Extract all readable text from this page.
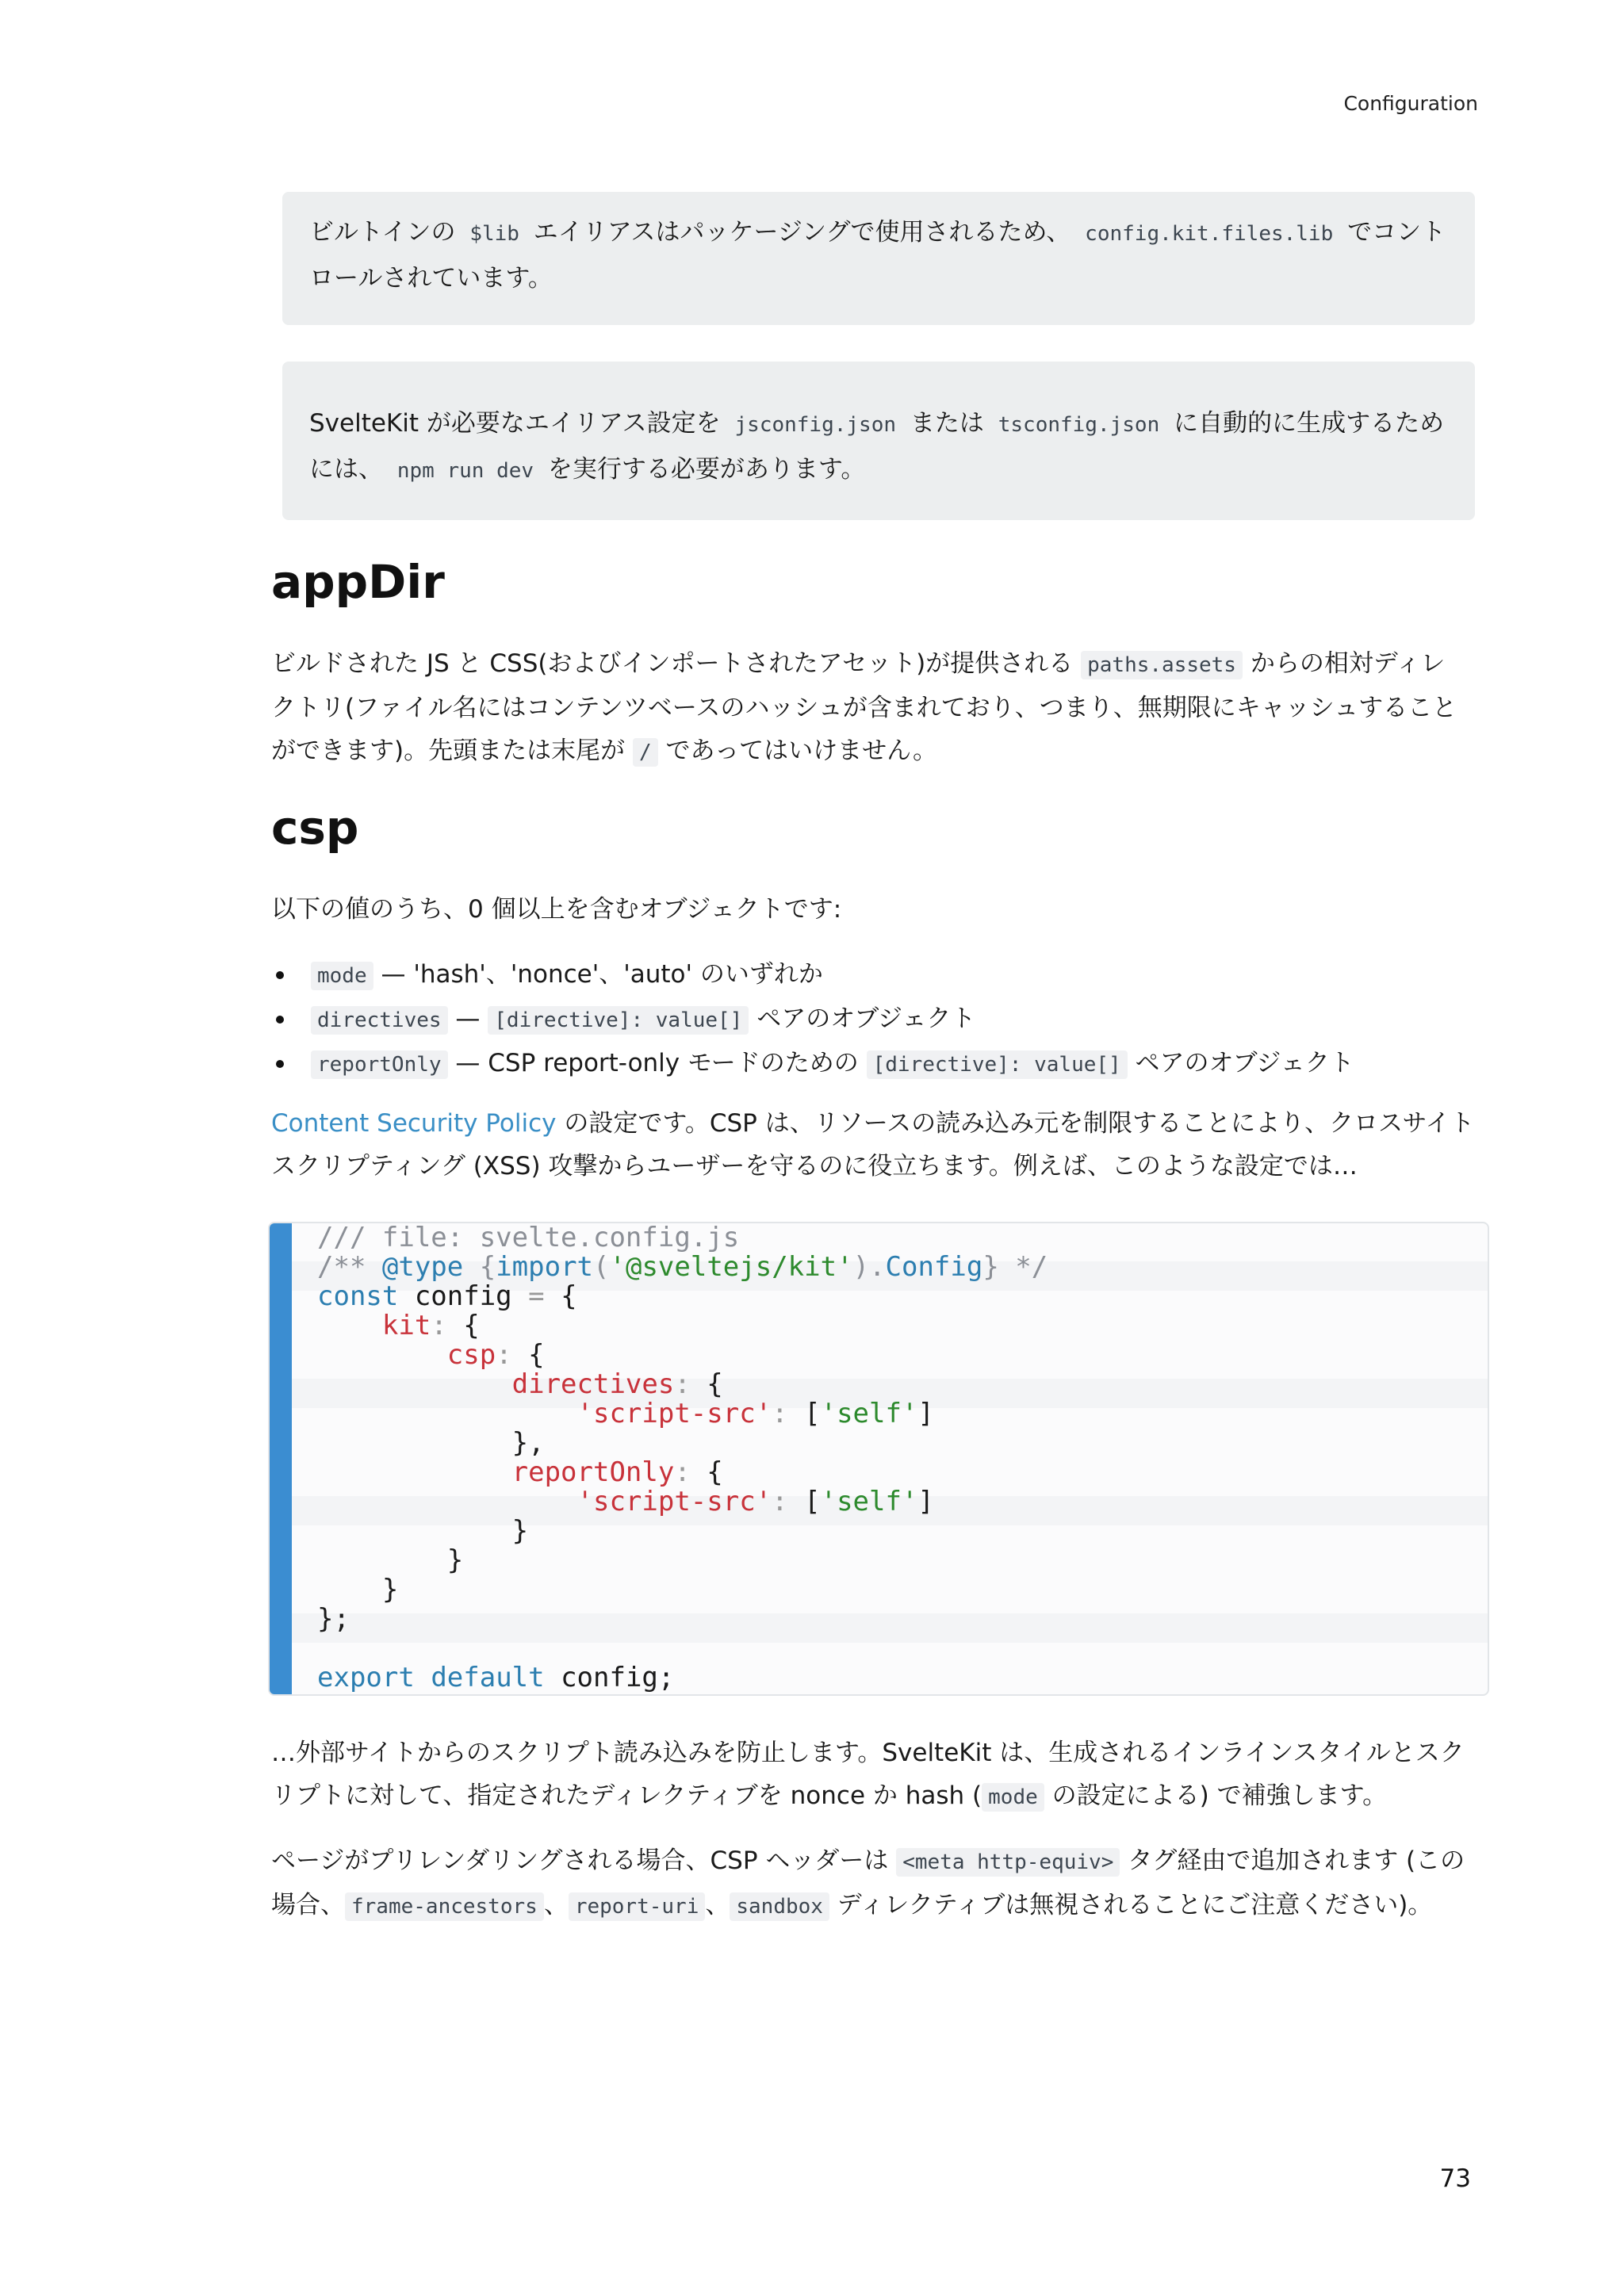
Configuration
ビルトインの $lib エイリアスはパッケージングで使用されるため、 config.kit.files.lib でコント
ロールされています。
SvelteKit が必要なエイリアス設定を jsconfig.json または tsconfig.json に自動的に生成するため
には、 npm run dev を実行する必要があります。
appDir

ビルドされた JS と CSS(およびインポートされたアセット)が提供される paths.assets からの相対ディレ
クトリ(ファイル名にはコンテンツベースのハッシュが含まれており、つまり、無期限にキャッシュすること
ができます)。先頭または末尾が / であってはいけません。

csp

以下の値のうち、0 個以上を含むオブジェクトです:

mode — 'hash'、'nonce'、'auto' のいずれか
directives — [directive]: value[] ペアのオブジェクト
reportOnly — CSP report-only モードのための [directive]: value[] ペアのオブジェクト

Content Security Policy の設定です。CSP は、リソースの読み込み元を制限することにより、クロスサイト
スクリプティング (XSS) 攻撃からユーザーを守るのに役立ちます。例えば、このような設定では…

/// file: svelte.config.js
/** @type {import('@sveltejs/kit').Config} */
const config = {
kit: {
csp: {
directives: {
'script-src': ['self']
},
reportOnly: {
'script-src': ['self']
}
}
}
};

export default config;

…外部サイトからのスクリプト読み込みを防止します。SvelteKit は、生成されるインラインスタイルとスク
リプトに対して、指定されたディレクティブを nonce か hash ( mode の設定による) で補強します。

ページがプリレンダリングされる場合、CSP ヘッダーは <meta http-equiv> タグ経由で追加されます (この
場合、 frame-ancestors 、 report-uri 、 sandbox ディレクティブは無視されることにご注意ください)。

73
